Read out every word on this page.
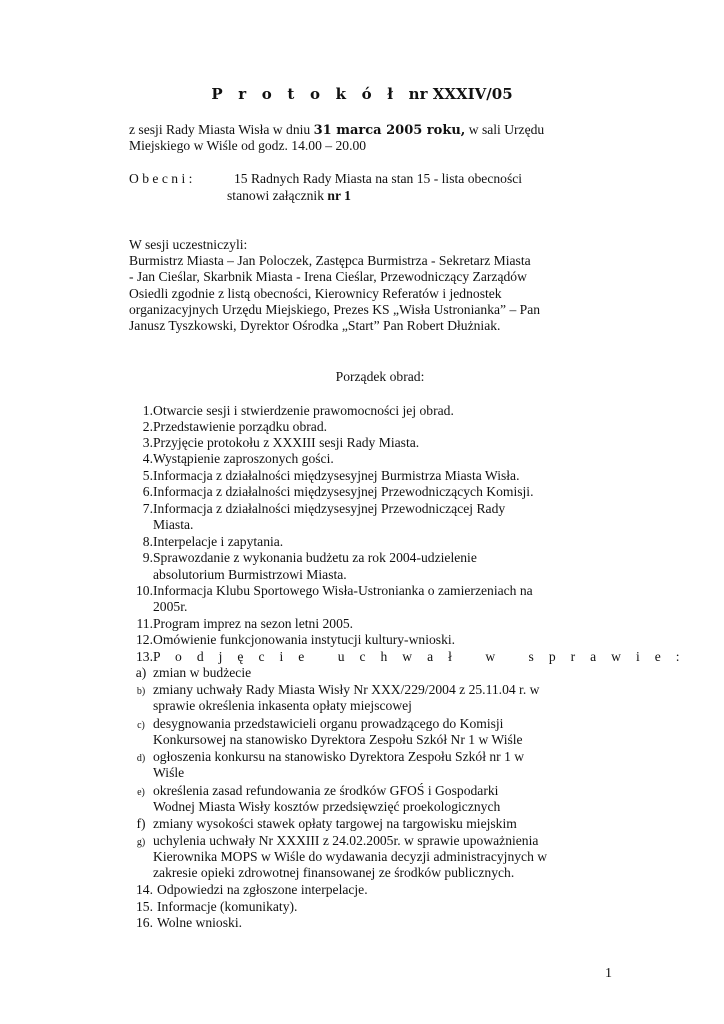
P r o t o k ó ł nr XXXIV/05
z sesji Rady Miasta Wisła w dniu 31 marca 2005 roku, w sali Urzędu
Miejskiego w Wiśle od godz. 14.00 – 20.00
O b e c n i :	15 Radnych Rady Miasta na stan 15 - lista obecności
stanowi załącznik nr 1
W sesji uczestniczyli:
Burmistrz Miasta – Jan Poloczek, Zastępca Burmistrza - Sekretarz Miasta
- Jan Cieślar, Skarbnik Miasta - Irena Cieślar, Przewodniczący Zarządów
Osiedli zgodnie z listą obecności, Kierownicy Referatów i jednostek
organizacyjnych Urzędu Miejskiego, Prezes KS „Wisła Ustronianka” – Pan
Janusz Tyszkowski, Dyrektor Ośrodka „Start” Pan Robert Dłużniak.
Porządek obrad:
1. Otwarcie sesji i stwierdzenie prawomocności jej obrad.
2. Przedstawienie porządku obrad.
3. Przyjęcie protokołu z XXXIII sesji Rady Miasta.
4. Wystąpienie zaproszonych gości.
5. Informacja z działalności międzysesyjnej Burmistrza Miasta Wisła.
6. Informacja z działalności międzysesyjnej Przewodniczących Komisji.
7. Informacja z działalności międzysesyjnej Przewodniczącej Rady
Miasta.
8. Interpelacje i zapytania.
9. Sprawozdanie z wykonania budżetu za rok 2004-udzielenie
absolutorium Burmistrzowi Miasta.
10. Informacja Klubu Sportowego Wisła-Ustronianka o zamierzeniach na
2005r.
11. Program imprez na sezon letni 2005.
12. Omówienie funkcjonowania instytucji kultury-wnioski.
13. P o d j ę c i e   u c h w a ł   w   s p r a w i e :
a) zmian w budżecie
b) zmiany uchwały Rady Miasta Wisły Nr XXX/229/2004 z 25.11.04 r. w
sprawie określenia inkasenta opłaty miejscowej
c) desygnowania przedstawicieli organu prowadzącego do Komisji
Konkursowej na stanowisko Dyrektora Zespołu Szkół Nr 1 w Wiśle
d) ogłoszenia konkursu na stanowisko Dyrektora Zespołu Szkół nr 1 w
Wiśle
e) określenia zasad refundowania ze środków GFOŚ i Gospodarki
Wodnej Miasta Wisły kosztów przedsięwzięć proekologicznych
f) zmiany wysokości stawek opłaty targowej na targowisku miejskim
g) uchylenia uchwały Nr XXXIII z 24.02.2005r. w sprawie upoważnienia
Kierownika MOPS w Wiśle do wydawania decyzji administracyjnych w
zakresie opieki zdrowotnej finansowanej ze środków publicznych.
14. Odpowiedzi na zgłoszone interpelacje.
15. Informacje (komunikaty).
16. Wolne wnioski.
1
